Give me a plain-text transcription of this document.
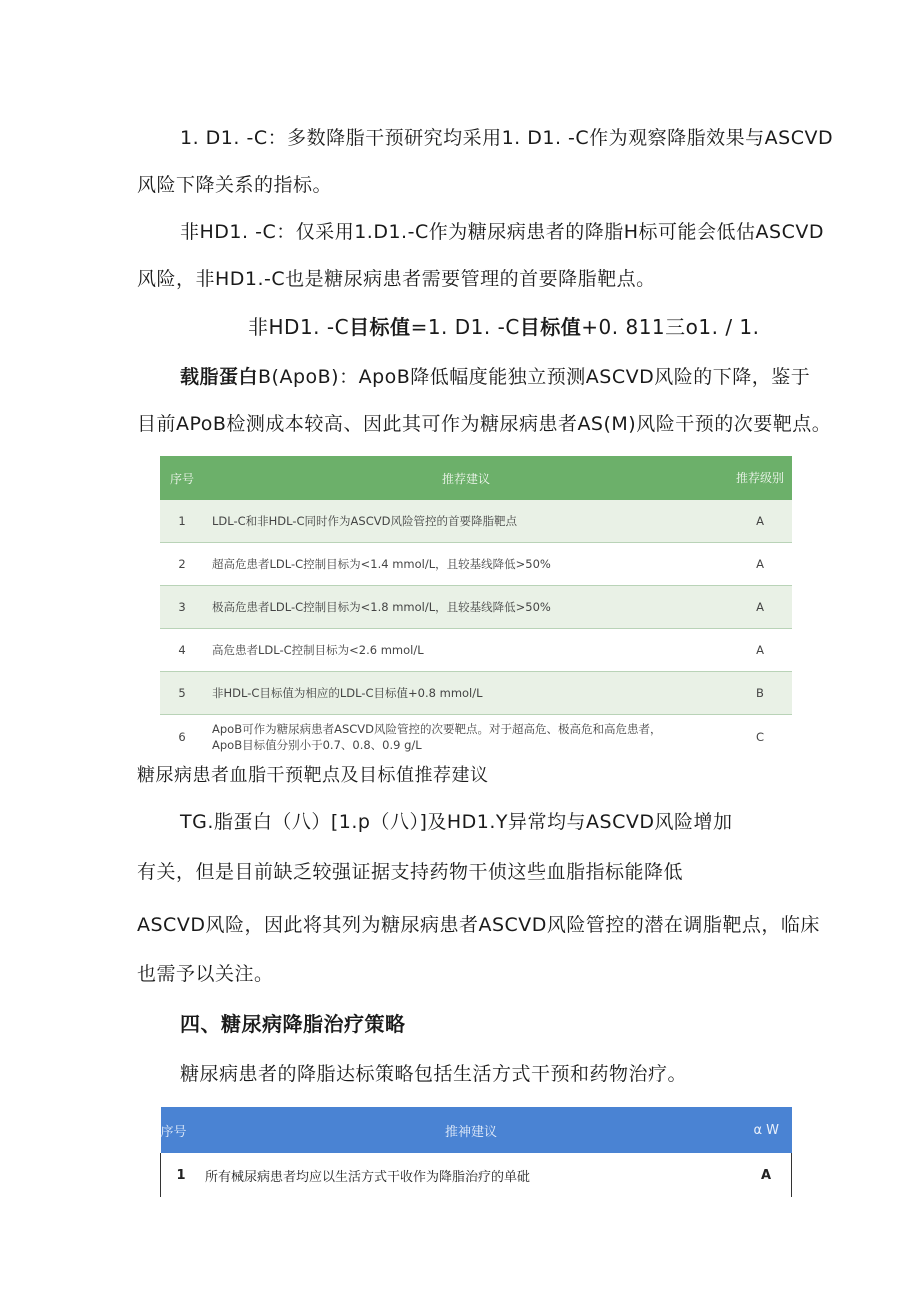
1. D1. -C：多数降脂干预研究均采用1. D1. -C作为观察降脂效果与ASCVD
风险下降关系的指标。
非HD1. -C：仅采用1.D1.-C作为糖尿病患者的降脂H标可能会低估ASCVD
风险，非HD1.-C也是糖尿病患者需要管理的首要降脂靶点。
非HD1. -C目标值=1. D1. -C目标值+0. 811三o1. / 1.
载脂蛋白B(ApoB)：ApoB降低幅度能独立预测ASCVD风险的下降，鉴于
目前APoB检测成本较高、因此其可作为糖尿病患者AS(M)风险干预的次要靶点。
序号	推荐建议	推荐级别
1	LDL-C和非HDL-C同时作为ASCVD风险管控的首要降脂靶点	A
2	超高危患者LDL-C控制目标为<1.4 mmol/L，且较基线降低>50%	A
3	极高危患者LDL-C控制目标为<1.8 mmol/L，且较基线降低>50%	A
4	高危患者LDL-C控制目标为<2.6 mmol/L	A
5	非HDL-C目标值为相应的LDL-C目标值+0.8 mmol/L	B
6	ApoB可作为糖尿病患者ASCVD风险管控的次要靶点。对于超高危、极高危和高危患者，
ApoB目标值分别小于0.7、0.8、0.9 g/L	C
糖尿病患者血脂干预靶点及目标值推荐建议
TG.脂蛋白（八）[1.p（八）]及HD1.Y异常均与ASCVD风险增加
有关，但是目前缺乏较强证据支持药物干侦这些血脂指标能降低
ASCVD风险，因此将其列为糖尿病患者ASCVD风险管控的潜在调脂靶点，临床
也需予以关注。
四、糖尿病降脂治疗策略
糖尿病患者的降脂达标策略包括生活方式干预和药物治疗。
序号	推神建议	α W
1	所有械尿病患者均应以生活方式干收作为降脂治疗的单砒	A
